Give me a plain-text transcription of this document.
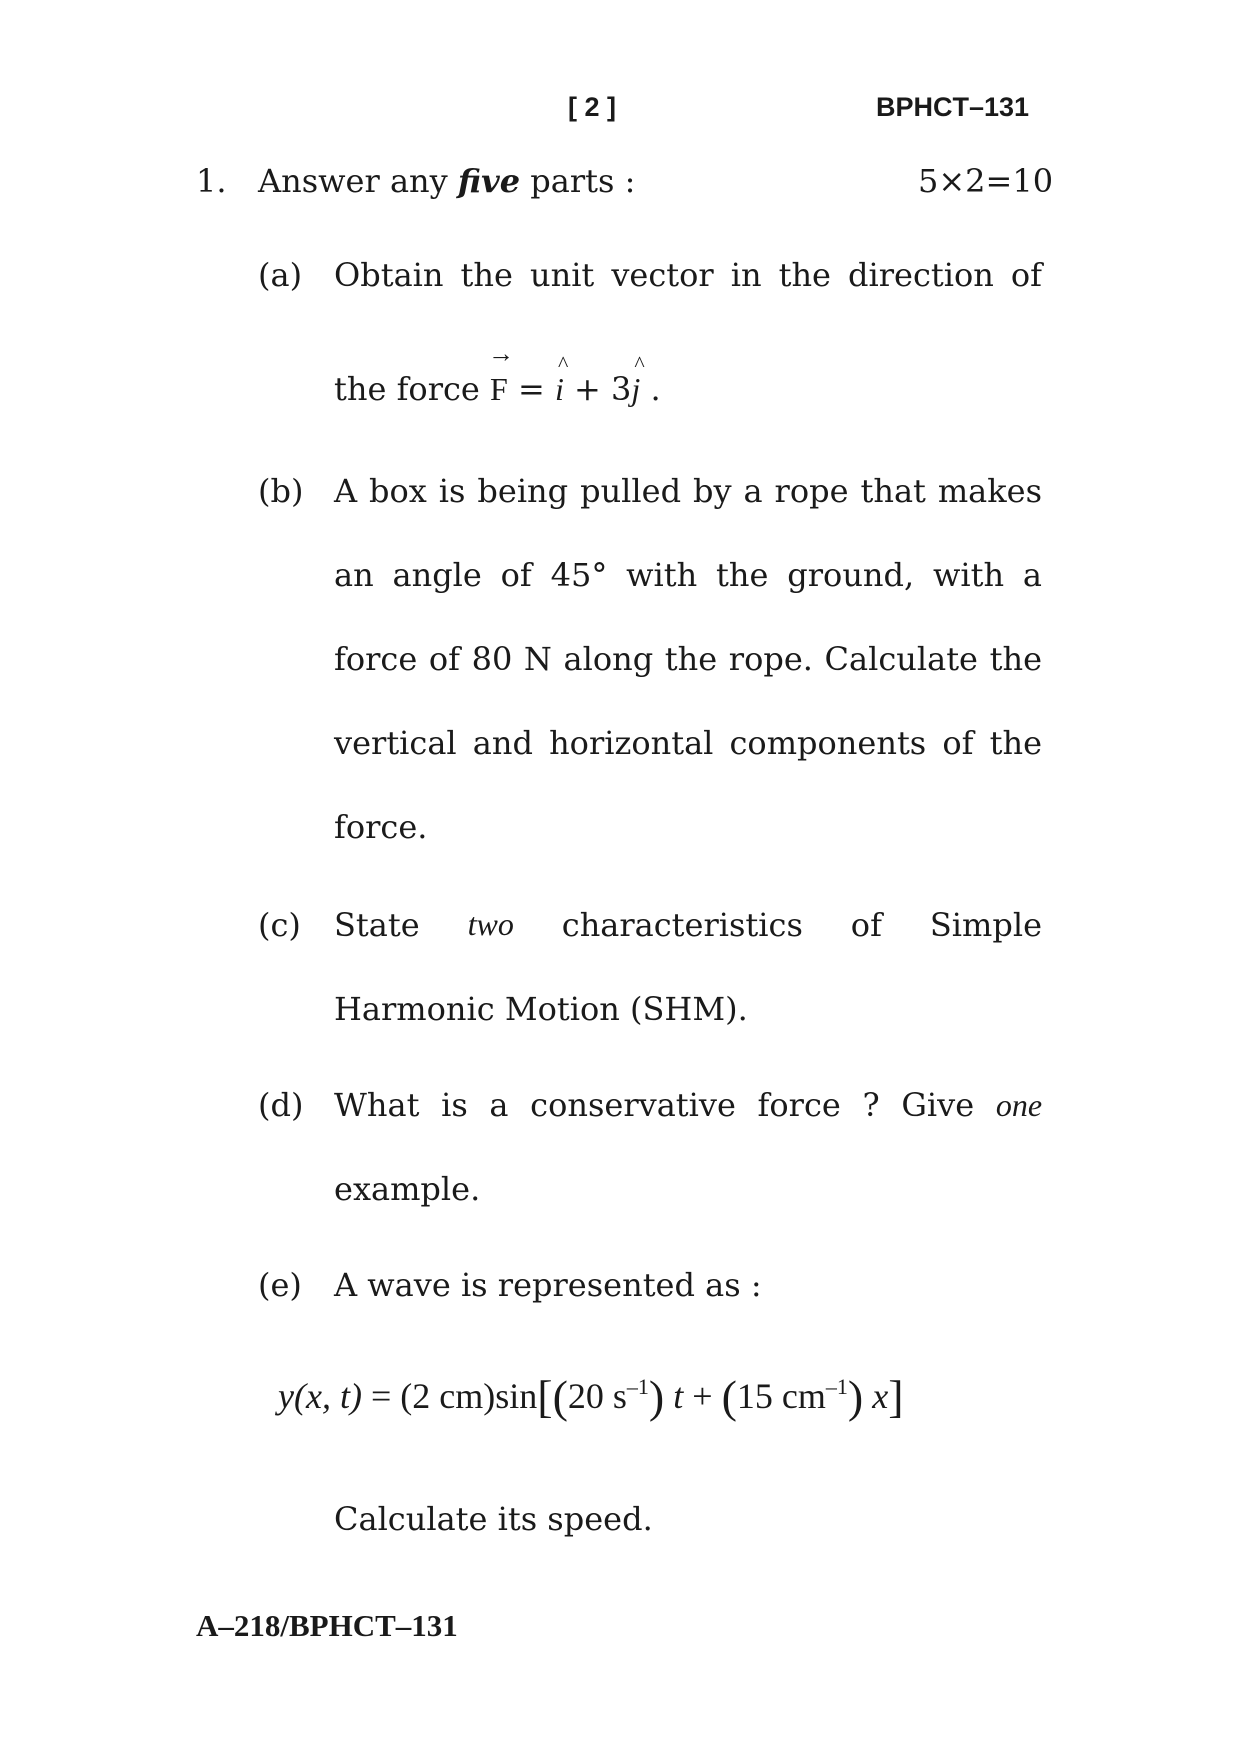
[ 2 ]	BPHCT–131
1. Answer any five parts :	5×2=10
(a) Obtain the unit vector in the direction of
the force → F = ^ i + 3^ j .
(b) A box is being pulled by a rope that makes
an angle of 45° with the ground, with a
force of 80 N along the rope. Calculate the
vertical and horizontal components of the
force.
(c) State two characteristics of Simple
Harmonic Motion (SHM).
(d) What is a conservative force ? Give one
example.
(e) A wave is represented as :
y(x, t) = (2 cm)sin[(20 $s^{-1}$) t + (15 $cm^{-1}$) x]
Calculate its speed.
A–218/BPHCT–131
